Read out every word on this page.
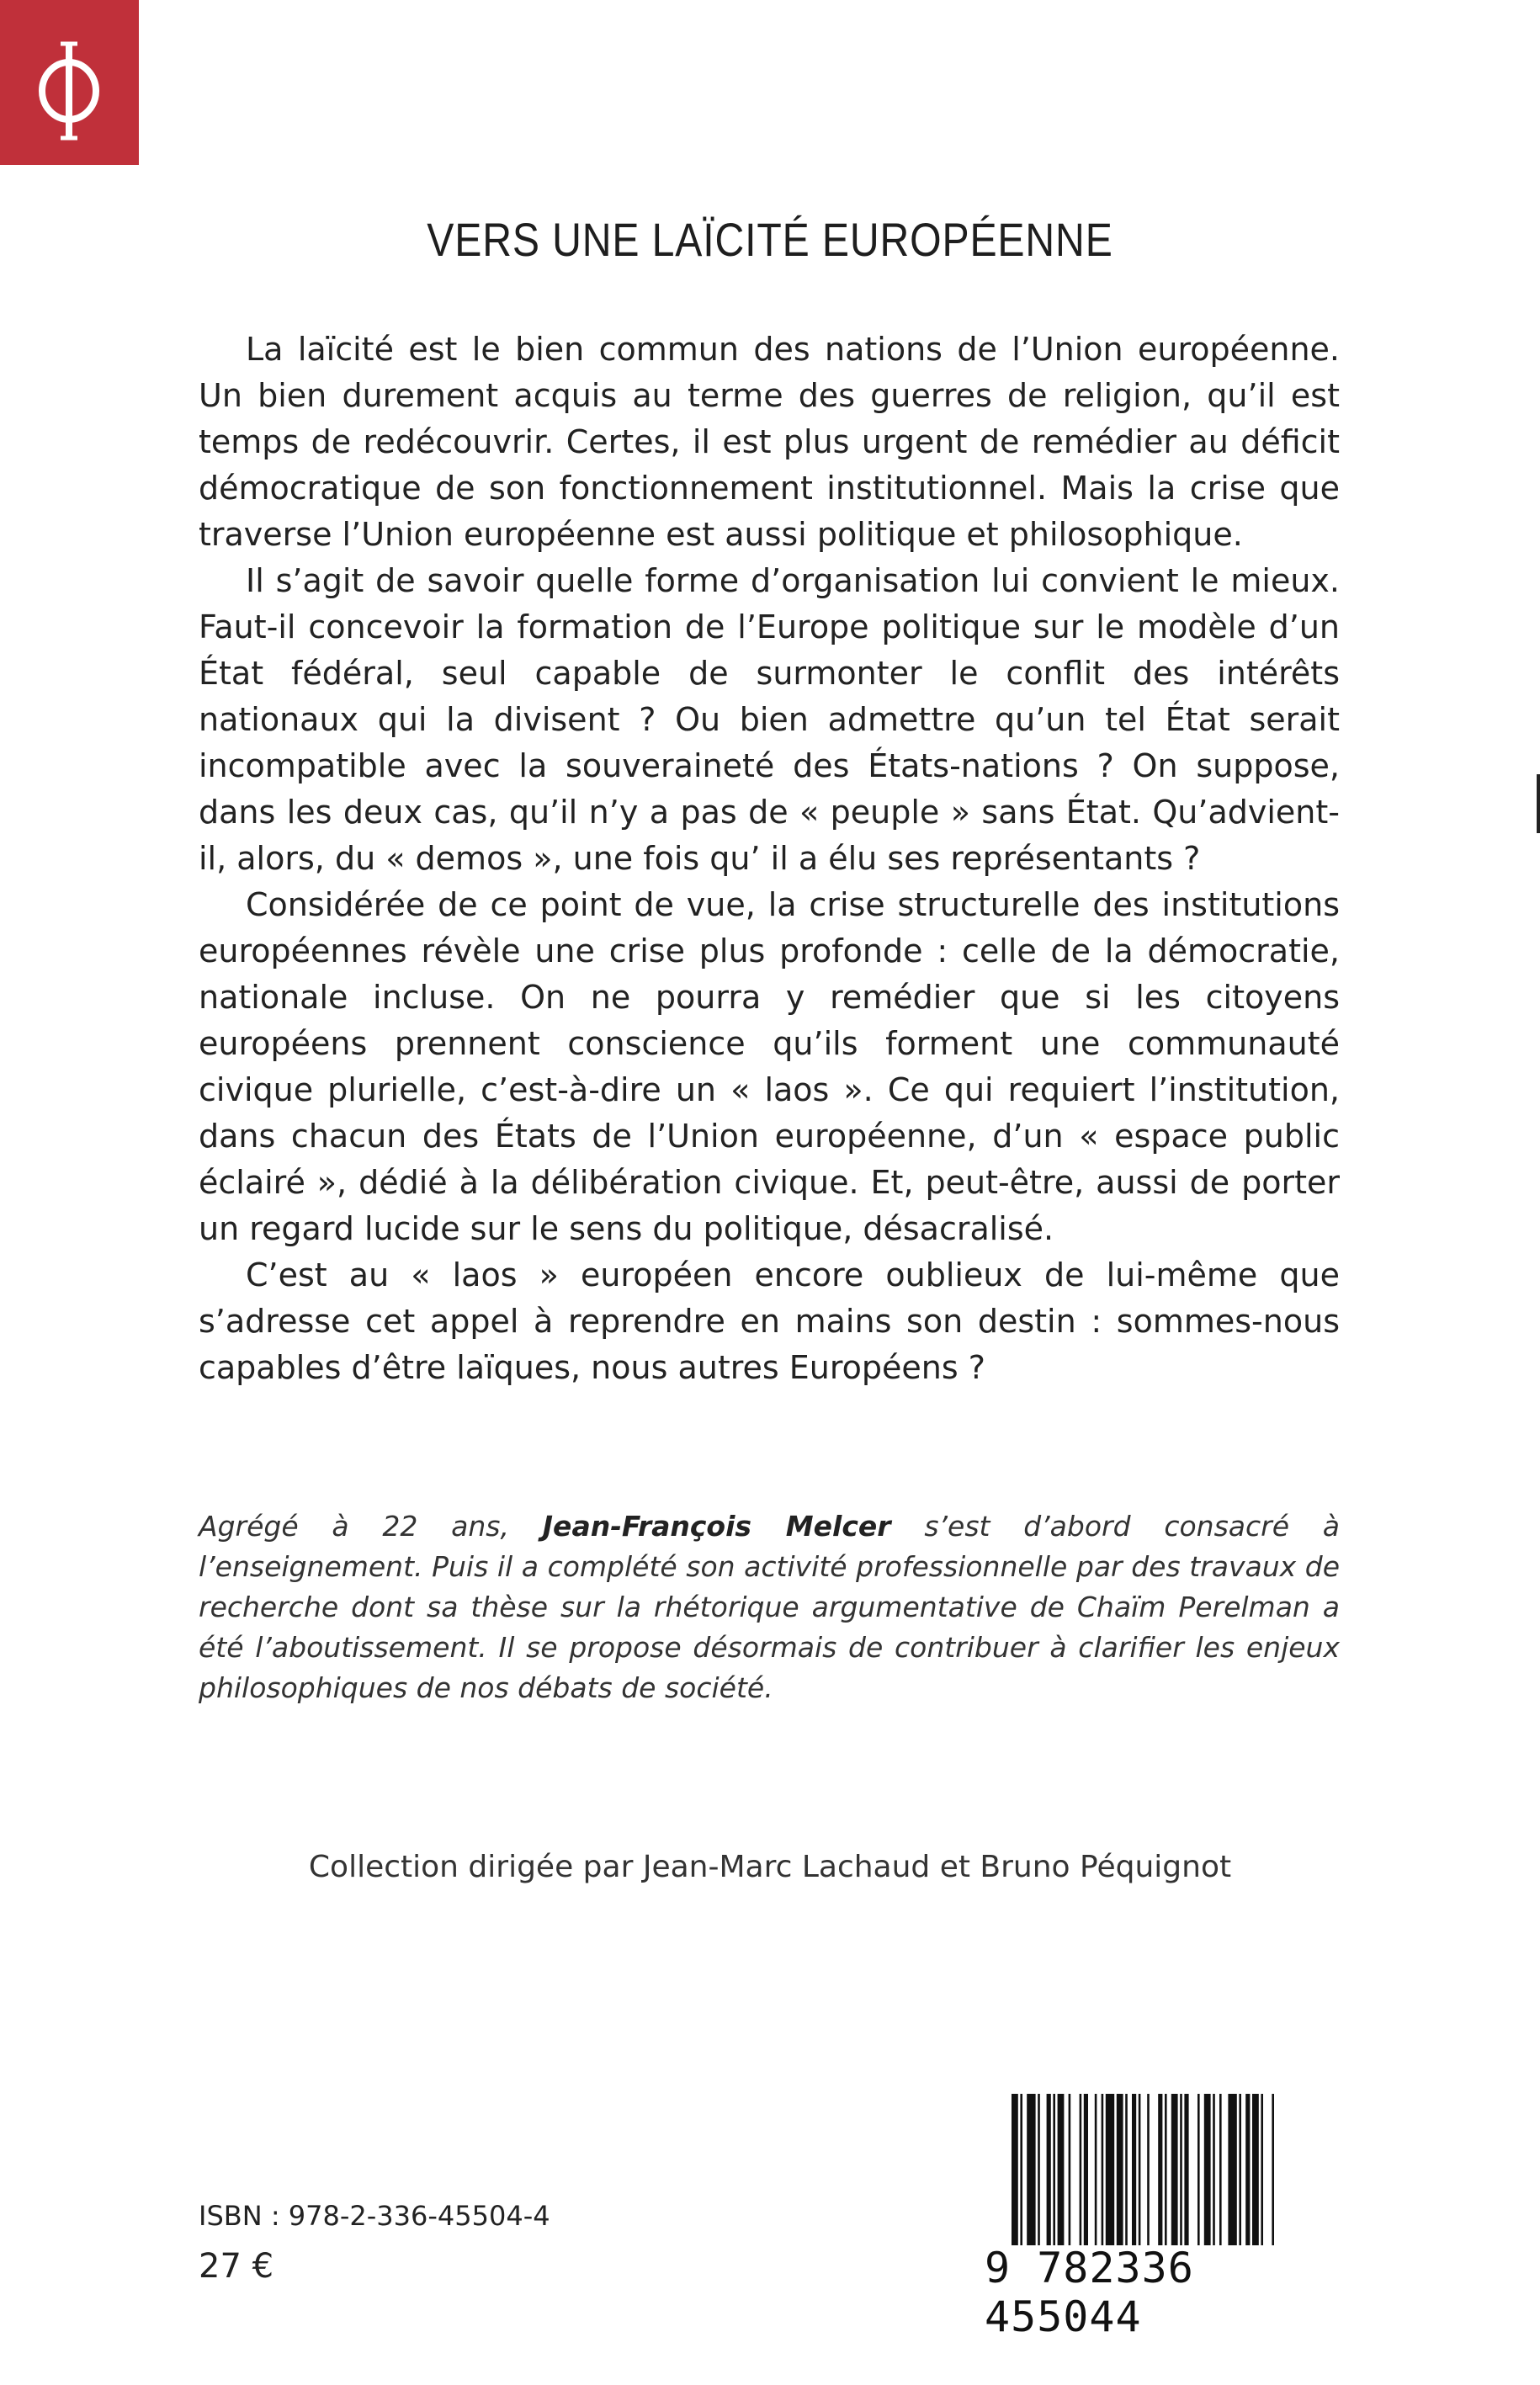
VERS UNE LAÏCITÉ EUROPÉENNE

La laïcité est le bien commun des nations de l’Union européenne. Un bien durement acquis au terme des guerres de religion, qu’il est temps de redécouvrir. Certes, il est plus urgent de remédier au déficit démocratique de son fonctionnement institutionnel. Mais la crise que traverse l’Union européenne est aussi politique et philosophique.

Il s’agit de savoir quelle forme d’organisation lui convient le mieux. Faut-il concevoir la formation de l’Europe politique sur le modèle d’un État fédéral, seul capable de surmonter le conflit des intérêts nationaux qui la divisent ? Ou bien admettre qu’un tel État serait incompatible avec la souveraineté des États-nations ? On suppose, dans les deux cas, qu’il n’y a pas de « peuple » sans État. Qu’advient-il, alors, du « demos », une fois qu’ il a élu ses représentants ?

Considérée de ce point de vue, la crise structurelle des institutions européennes révèle une crise plus profonde : celle de la démocratie, nationale incluse. On ne pourra y remédier que si les citoyens européens prennent conscience qu’ils forment une communauté civique plurielle, c’est-à-dire un « laos ». Ce qui requiert l’institution, dans chacun des États de l’Union européenne, d’un « espace public éclairé », dédié à la délibération civique. Et, peut-être, aussi de porter un regard lucide sur le sens du politique, désacralisé.

C’est au « laos » européen encore oublieux de lui-même que s’adresse cet appel à reprendre en mains son destin : sommes-nous capables d’être laïques, nous autres Européens ?

Agrégé à 22 ans, Jean-François Melcer s’est d’abord consacré à l’enseignement. Puis il a complété son activité professionnelle par des travaux de recherche dont sa thèse sur la rhétorique argumentative de Chaïm Perelman a été l’aboutissement. Il se propose désormais de contribuer à clarifier les enjeux philosophiques de nos débats de société.

Collection dirigée par Jean-Marc Lachaud et Bruno Péquignot

ISBN : 978-2-336-45504-4

27 €	9 782336 455044
